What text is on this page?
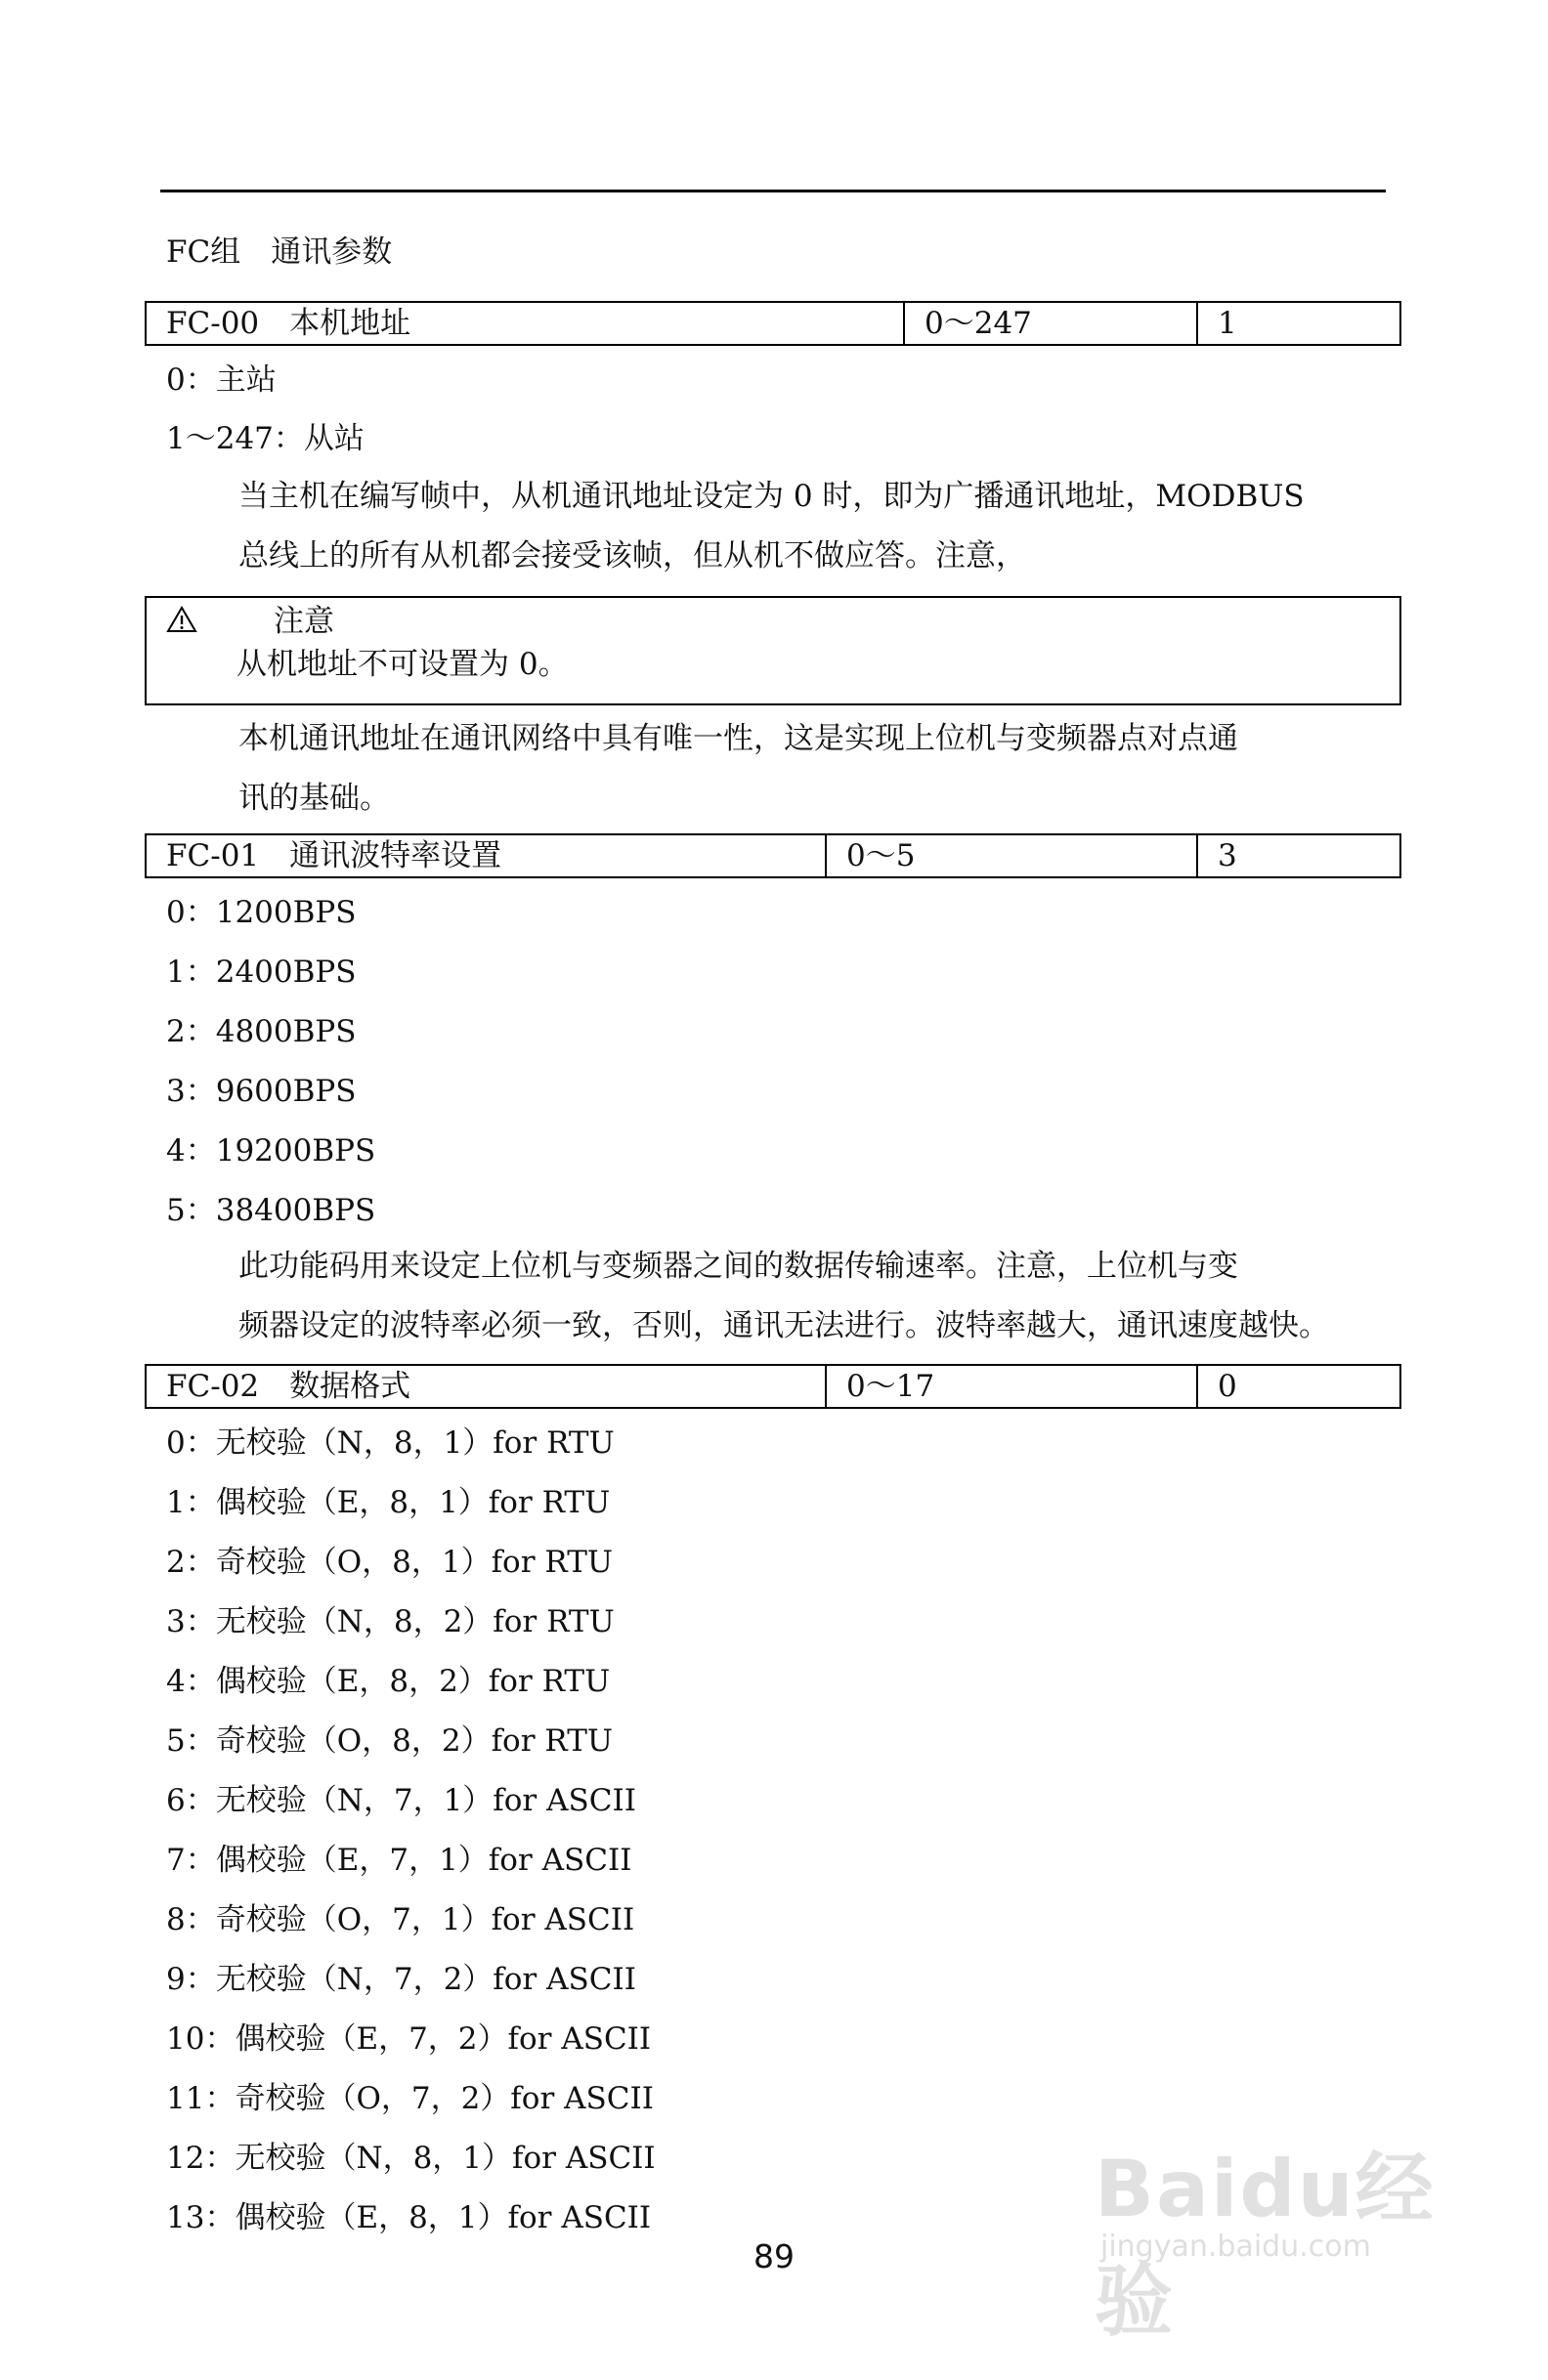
FC组　通讯参数
FC-00　本机地址	0～247	1
0：主站
1～247：从站

当主机在编写帧中，从机通讯地址设定为 0 时，即为广播通讯地址，MODBUS
总线上的所有从机都会接受该帧，但从机不做应答。注意，

注意
从机地址不可设置为 0。

本机通讯地址在通讯网络中具有唯一性，这是实现上位机与变频器点对点通
讯的基础。

FC-01　通讯波特率设置	0～5	3
0：1200BPS
1：2400BPS
2：4800BPS
3：9600BPS
4：19200BPS
5：38400BPS

此功能码用来设定上位机与变频器之间的数据传输速率。注意，上位机与变
频器设定的波特率必须一致，否则，通讯无法进行。波特率越大，通讯速度越快。

FC-02　数据格式	0～17	0
0：无校验（N，8，1）for RTU
1：偶校验（E，8，1）for RTU
2：奇校验（O，8，1）for RTU
3：无校验（N，8，2）for RTU
4：偶校验（E，8，2）for RTU
5：奇校验（O，8，2）for RTU
6：无校验（N，7，1）for ASCII
7：偶校验（E，7，1）for ASCII
8：奇校验（O，7，1）for ASCII
9：无校验（N，7，2）for ASCII
10：偶校验（E，7，2）for ASCII
11：奇校验（O，7，2）for ASCII
12：无校验（N，8，1）for ASCII
13：偶校验（E，8，1）for ASCII
89
Baidu经验
jingyan.baidu.com
